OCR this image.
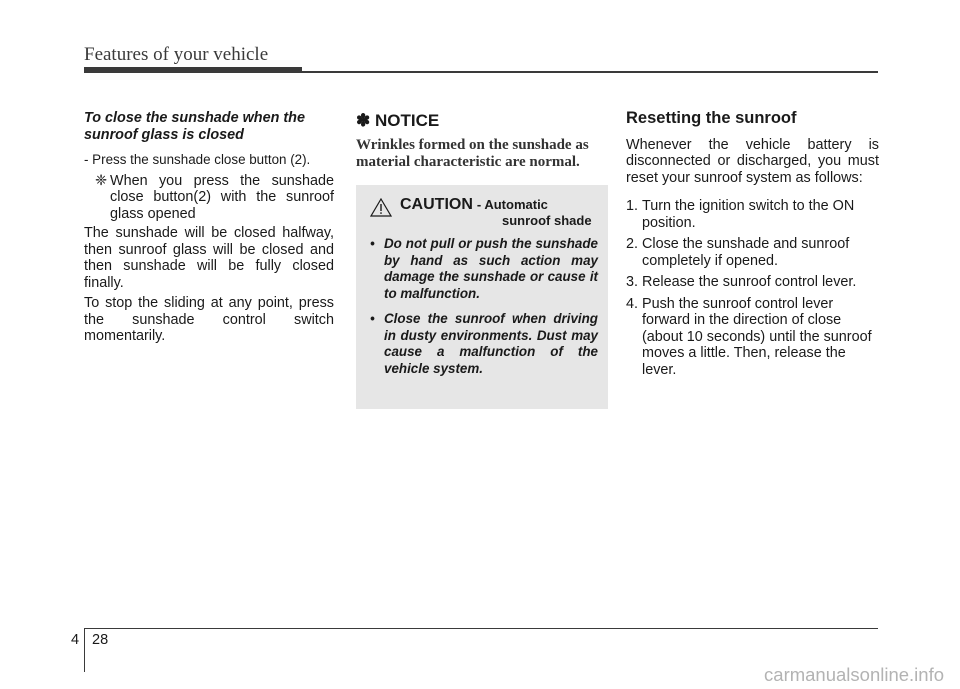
Features of your vehicle
To close the sunshade when the sunroof glass is closed
- Press the sunshade close button (2).
❈ When you press the sunshade close button(2) with the sunroof glass opened

The sunshade will be closed halfway, then sunroof glass will be closed and then sunshade will be fully closed finally.

To stop the sliding at any point, press the sunshade control switch momentarily.

✽ NOTICE
Wrinkles formed on the sunshade as material characteristic are normal.
CAUTION - Automatic
sunroof shade
• Do not pull or push the sunshade by hand as such action may damage the sunshade or cause it to malfunction.
• Close the sunroof when driving in dusty environments. Dust may cause a malfunction of the vehicle system.
Resetting the sunroof

Whenever the vehicle battery is disconnected or discharged, you must reset your sunroof system as follows:

1. Turn the ignition switch to the ON position.
2. Close the sunshade and sunroof completely if opened.
3. Release the sunroof control lever.
4. Push the sunroof control lever forward in the direction of close (about 10 seconds) until the sunroof moves a little. Then, release the lever.
4 28
carmanualsonline.info
